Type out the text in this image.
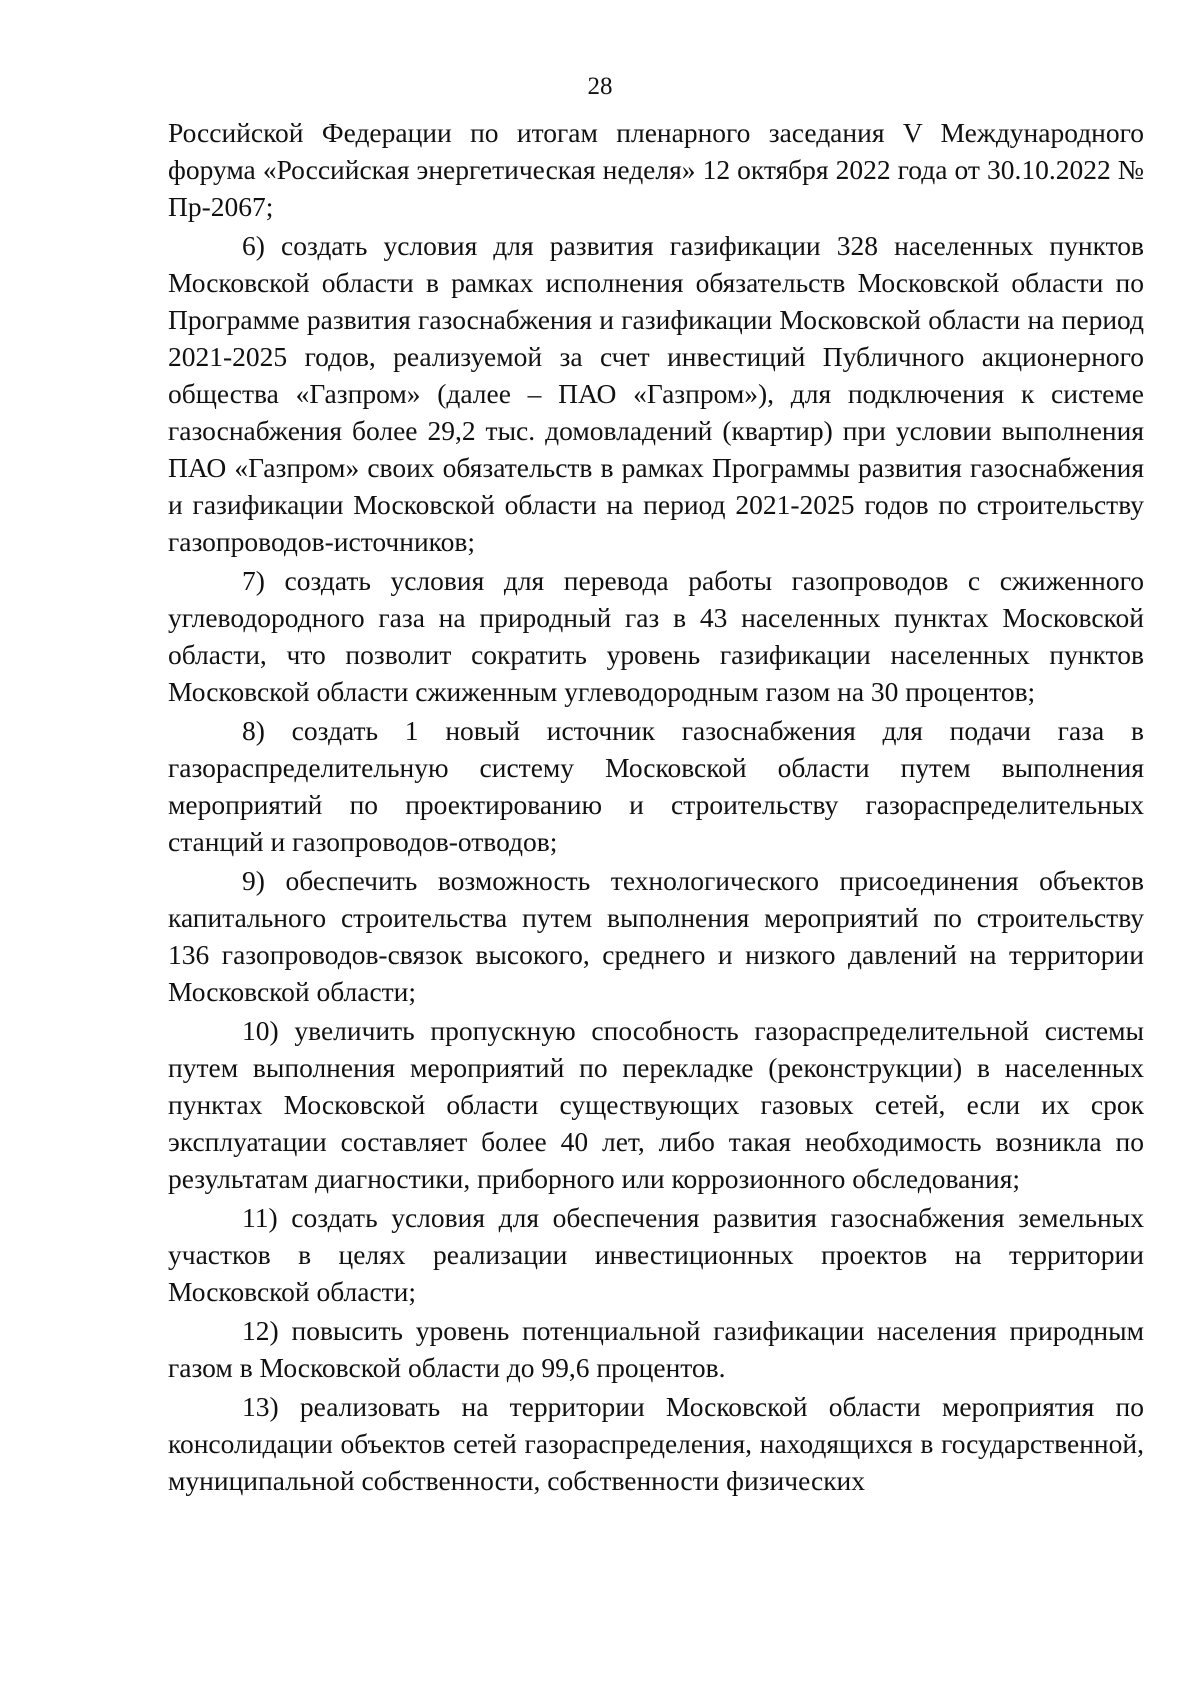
28

Российской Федерации по итогам пленарного заседания V Международного форума «Российская энергетическая неделя» 12 октября 2022 года от 30.10.2022 № Пр-2067;

6) создать условия для развития газификации 328 населенных пунктов Московской области в рамках исполнения обязательств Московской области по Программе развития газоснабжения и газификации Московской области на период 2021-2025 годов, реализуемой за счет инвестиций Публичного акционерного общества «Газпром» (далее – ПАО «Газпром»), для подключения к системе газоснабжения более 29,2 тыс. домовладений (квартир) при условии выполнения ПАО «Газпром» своих обязательств в рамках Программы развития газоснабжения и газификации Московской области на период 2021-2025 годов по строительству газопроводов-источников;

7) создать условия для перевода работы газопроводов с сжиженного углеводородного газа на природный газ в 43 населенных пунктах Московской области, что позволит сократить уровень газификации населенных пунктов Московской области сжиженным углеводородным газом на 30 процентов;

8) создать 1 новый источник газоснабжения для подачи газа в газораспределительную систему Московской области путем выполнения мероприятий по проектированию и строительству газораспределительных станций и газопроводов-отводов;

9) обеспечить возможность технологического присоединения объектов капитального строительства путем выполнения мероприятий по строительству 136 газопроводов-связок высокого, среднего и низкого давлений на территории Московской области;

10) увеличить пропускную способность газораспределительной системы путем выполнения мероприятий по перекладке (реконструкции) в населенных пунктах Московской области существующих газовых сетей, если их срок эксплуатации составляет более 40 лет, либо такая необходимость возникла по результатам диагностики, приборного или коррозионного обследования;

11) создать условия для обеспечения развития газоснабжения земельных участков в целях реализации инвестиционных проектов на территории Московской области;

12) повысить уровень потенциальной газификации населения природным газом в Московской области до 99,6 процентов.

13) реализовать на территории Московской области мероприятия по консолидации объектов сетей газораспределения, находящихся в государственной, муниципальной собственности, собственности физических
